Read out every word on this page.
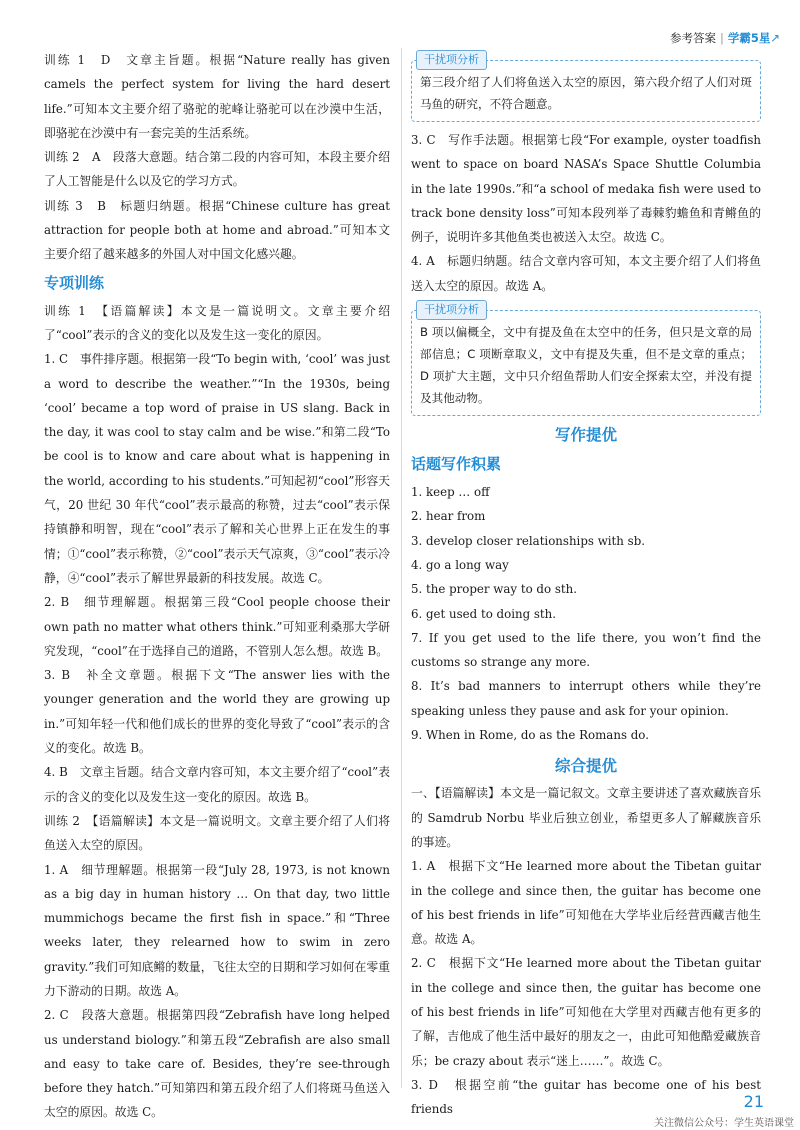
参考答案 | 学霸5星↗

训练 1　D　文章主旨题。根据“Nature really has given camels the perfect system for living the hard desert life.”可知本文主要介绍了骆驼的驼峰让骆驼可以在沙漠中生活，即骆驼在沙漠中有一套完美的生活系统。

训练 2　A　段落大意题。结合第二段的内容可知，本段主要介绍了人工智能是什么以及它的学习方式。

训练 3　B　标题归纳题。根据“Chinese culture has great attraction for people both at home and abroad.”可知本文主要介绍了越来越多的外国人对中国文化感兴趣。

专项训练

训练 1　【语篇解读】本文是一篇说明文。文章主要介绍了“cool”表示的含义的变化以及发生这一变化的原因。

1. C　事件排序题。根据第一段“To begin with, ‘cool’ was just a word to describe the weather.”“In the 1930s, being ‘cool’ became a top word of praise in US slang. Back in the day, it was cool to stay calm and be wise.”和第二段“To be cool is to know and care about what is happening in the world, according to his students.”可知起初“cool”形容天气，20 世纪 30 年代“cool”表示最高的称赞，过去“cool”表示保持镇静和明智，现在“cool”表示了解和关心世界上正在发生的事情；①“cool”表示称赞，②“cool”表示天气凉爽，③“cool”表示冷静，④“cool”表示了解世界最新的科技发展。故选 C。

2. B　细节理解题。根据第三段“Cool people choose their own path no matter what others think.”可知亚利桑那大学研究发现，“cool”在于选择自己的道路，不管别人怎么想。故选 B。

3. B　补全文章题。根据下文“The answer lies with the younger generation and the world they are growing up in.”可知年轻一代和他们成长的世界的变化导致了“cool”表示的含义的变化。故选 B。

4. B　文章主旨题。结合文章内容可知，本文主要介绍了“cool”表示的含义的变化以及发生这一变化的原因。故选 B。

训练 2　【语篇解读】本文是一篇说明文。文章主要介绍了人们将鱼送入太空的原因。

1. A　细节理解题。根据第一段“July 28, 1973, is not known as a big day in human history … On that day, two little mummichogs became the first fish in space.”和“Three weeks later, they relearned how to swim in zero gravity.”我们可知底鳉的数量，飞往太空的日期和学习如何在零重力下游动的日期。故选 A。

2. C　段落大意题。根据第四段“Zebrafish have long helped us understand biology.”和第五段“Zebrafish are also small and easy to take care of. Besides, they’re see-through before they hatch.”可知第四和第五段介绍了人们将斑马鱼送入太空的原因。故选 C。

干扰项分析

第三段介绍了人们将鱼送入太空的原因，第六段介绍了人们对斑马鱼的研究，不符合题意。

3. C　写作手法题。根据第七段“For example, oyster toadfish went to space on board NASA’s Space Shuttle Columbia in the late 1990s.”和“a school of medaka fish were used to track bone density loss”可知本段列举了毒棘豹蟾鱼和青鳉鱼的例子，说明许多其他鱼类也被送入太空。故选 C。

4. A　标题归纳题。结合文章内容可知，本文主要介绍了人们将鱼送入太空的原因。故选 A。

干扰项分析

B 项以偏概全，文中有提及鱼在太空中的任务，但只是文章的局部信息；C 项断章取义，文中有提及失重，但不是文章的重点；D 项扩大主题，文中只介绍鱼帮助人们安全探索太空，并没有提及其他动物。

写作提优
话题写作积累

1. keep … off

2. hear from

3. develop closer relationships with sb.

4. go a long way

5. the proper way to do sth.

6. get used to doing sth.

7. If you get used to the life there, you won’t find the customs so strange any more.

8. It’s bad manners to interrupt others while they’re speaking unless they pause and ask for your opinion.

9. When in Rome, do as the Romans do.

综合提优

一、【语篇解读】本文是一篇记叙文。文章主要讲述了喜欢藏族音乐的 Samdrub Norbu 毕业后独立创业，希望更多人了解藏族音乐的事迹。

1. A　根据下文“He learned more about the Tibetan guitar in the college and since then, the guitar has become one of his best friends in life”可知他在大学毕业后经营西藏吉他生意。故选 A。

2. C　根据下文“He learned more about the Tibetan guitar in the college and since then, the guitar has become one of his best friends in life”可知他在大学里对西藏吉他有更多的了解，吉他成了他生活中最好的朋友之一，由此可知他酷爱藏族音乐；be crazy about 表示“迷上……”。故选 C。

3. D　根据空前“the guitar has become one of his best friends	21
关注微信公众号：学生英语课堂
